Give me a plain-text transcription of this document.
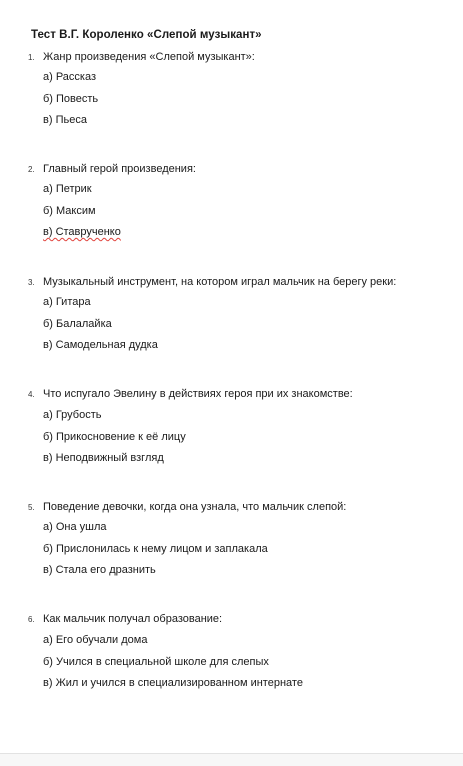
Тест В.Г. Короленко «Слепой музыкант»
1. Жанр произведения «Слепой музыкант»:
а) Рассказ
б) Повесть
в) Пьеса
2. Главный герой произведения:
а) Петрик
б) Максим
в) Ставрученко
3. Музыкальный инструмент, на котором играл мальчик на берегу реки:
а) Гитара
б) Балалайка
в) Самодельная дудка
4. Что испугало Эвелину в действиях героя при их знакомстве:
а) Грубость
б) Прикосновение к её лицу
в) Неподвижный взгляд
5. Поведение девочки, когда она узнала, что мальчик слепой:
а) Она ушла
б) Прислонилась к нему лицом и заплакала
в) Стала его дразнить
6. Как мальчик получал образование:
а) Его обучали дома
б) Учился в специальной школе для слепых
в) Жил и учился в специализированном интернате
